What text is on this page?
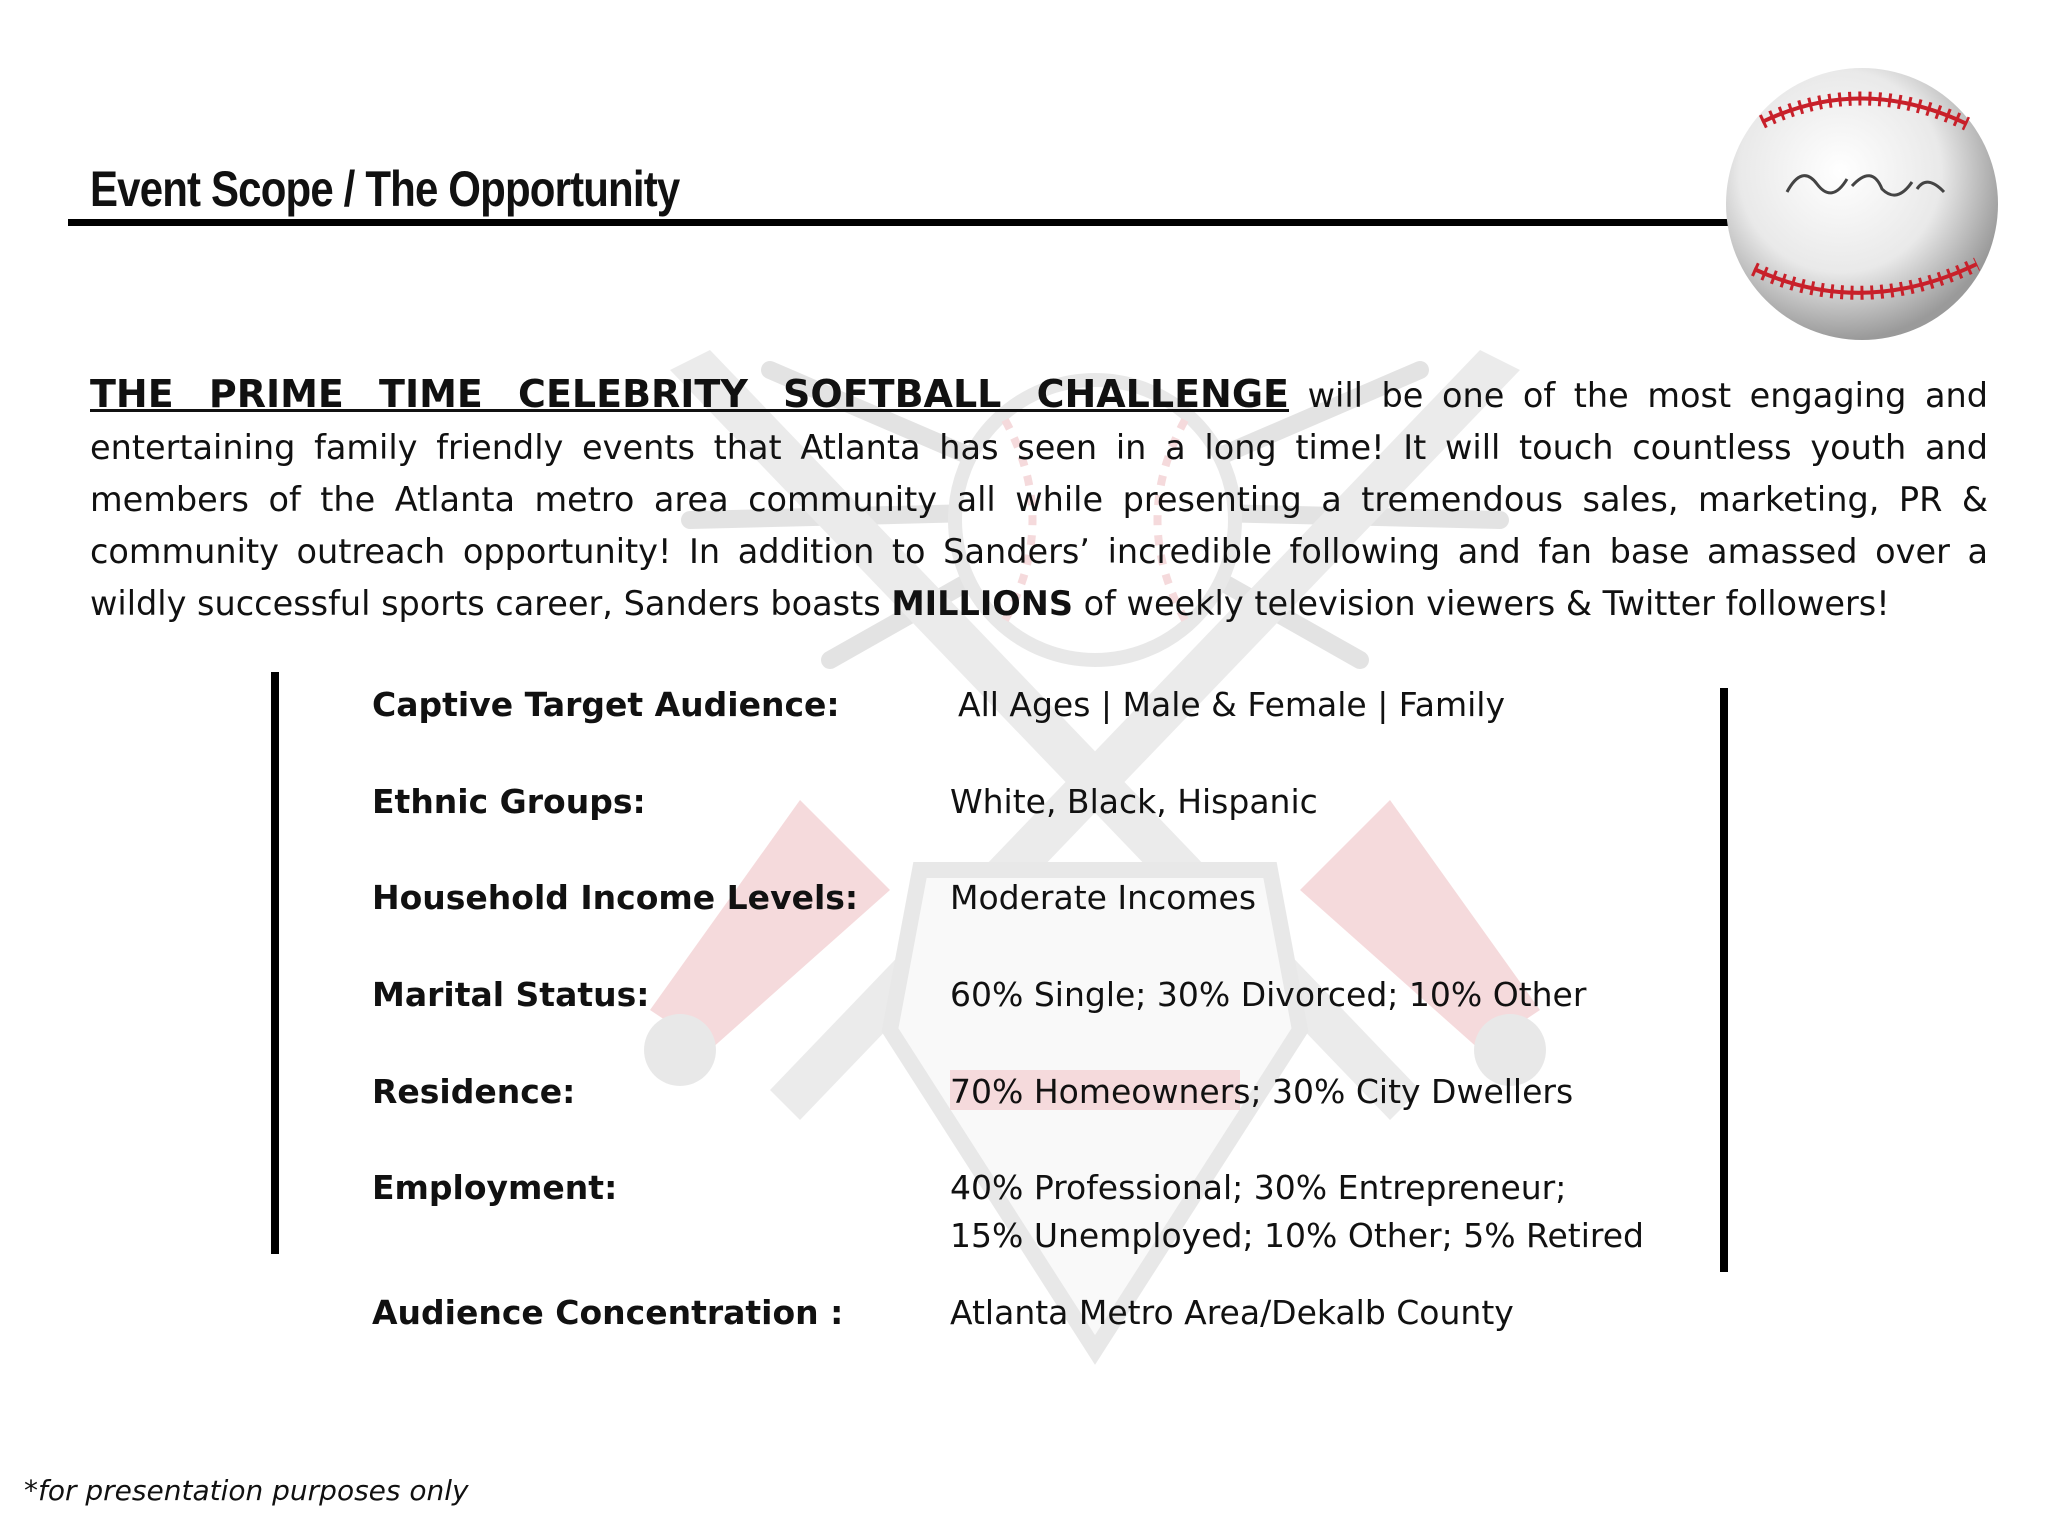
Event Scope / The Opportunity
THE PRIME TIME CELEBRITY SOFTBALL CHALLENGE will be one of the most engaging and entertaining family friendly events that Atlanta has seen in a long time! It will touch countless youth and members of the Atlanta metro area community all while presenting a tremendous sales, marketing, PR & community outreach opportunity! In addition to Sanders’ incredible following and fan base amassed over a wildly successful sports career, Sanders boasts MILLIONS of weekly television viewers & Twitter followers!
Captive Target Audience:	All Ages | Male & Female | Family
Ethnic Groups:	White, Black, Hispanic
Household Income Levels:	Moderate Incomes
Marital Status:	60% Single; 30% Divorced; 10% Other
Residence:	70% Homeowners; 30% City Dwellers
Employment:	40% Professional; 30% Entrepreneur;
15% Unemployed; 10% Other; 5% Retired
Audience Concentration :	Atlanta Metro Area/Dekalb County
*for presentation purposes only
